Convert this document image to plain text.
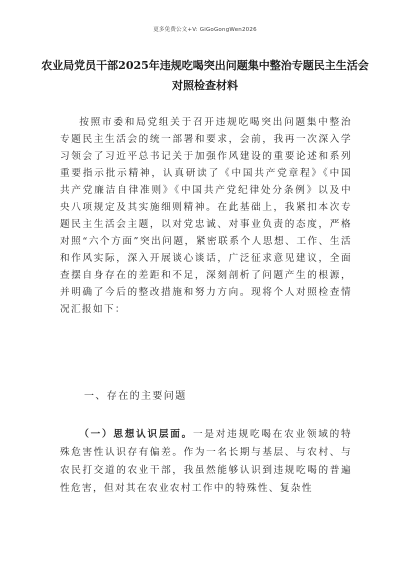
更多免费公文+V: GiGoGongWen2026
农业局党员干部2025年违规吃喝突出问题集中整治专题民主生活会对照检查材料

按照市委和局党组关于召开违规吃喝突出问题集中整治专题民主生活会的统一部署和要求，会前，我再一次深入学习领会了习近平总书记关于加强作风建设的重要论述和系列重要指示批示精神，认真研读了《中国共产党章程》《中国共产党廉洁自律准则》《中国共产党纪律处分条例》以及中央八项规定及其实施细则精神。在此基础上，我紧扣本次专题民主生活会主题，以对党忠诚、对事业负责的态度，严格对照“六个方面”突出问题，紧密联系个人思想、工作、生活和作风实际，深入开展谈心谈话，广泛征求意见建议，全面查摆自身存在的差距和不足，深刻剖析了问题产生的根源，并明确了今后的整改措施和努力方向。现将个人对照检查情况汇报如下：

一、存在的主要问题

（一）思想认识层面。一是对违规吃喝在农业领域的特殊危害性认识存有偏差。作为一名长期与基层、与农村、与农民打交道的农业干部，我虽然能够认识到违规吃喝的普遍性危害，但对其在农业农村工作中的特殊性、复杂性
